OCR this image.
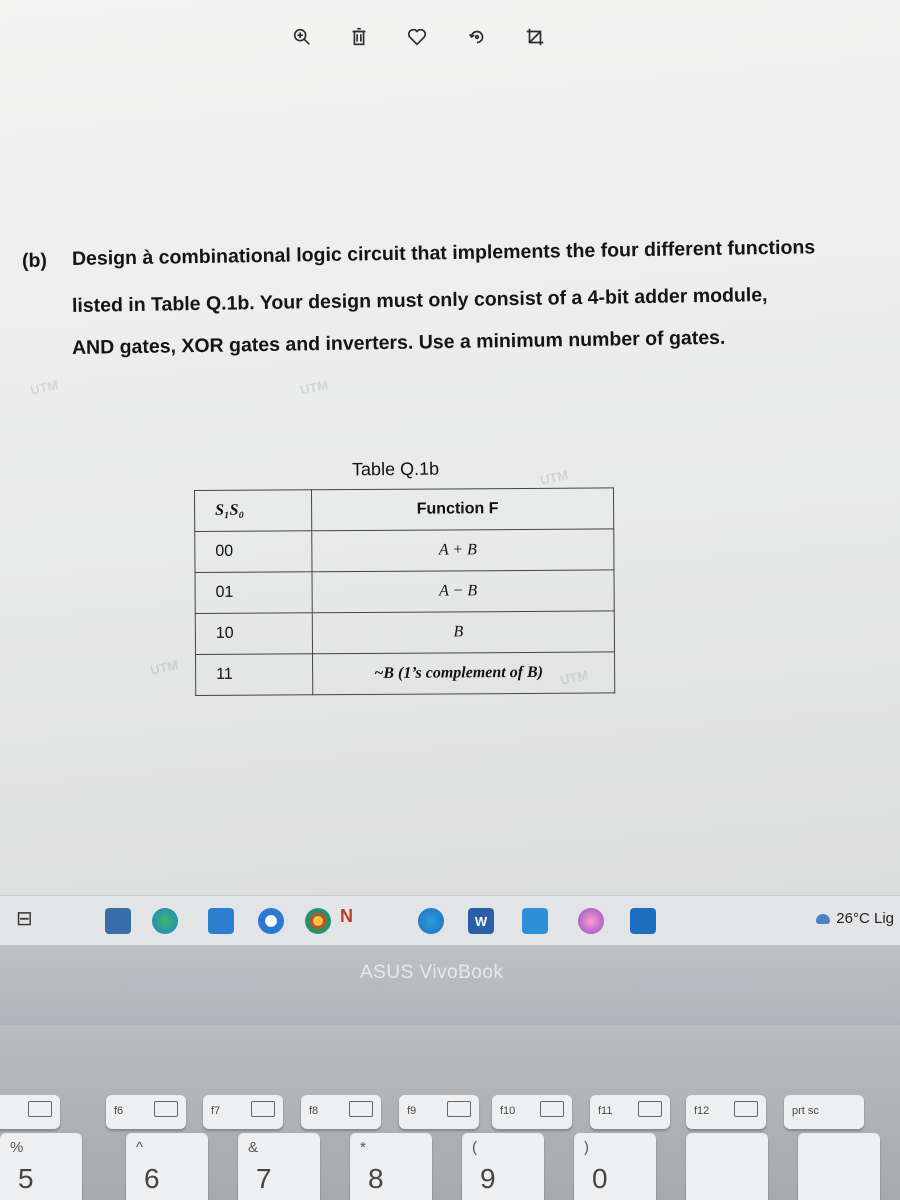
UTM	UTM
UTM
UTM	UTM
(b) Design à combinational logic circuit that implements the four different functions
listed in Table Q.1b. Your design must only consist of a 4-bit adder module,
AND gates, XOR gates and inverters. Use a minimum number of gates.
Table Q.1b
S₁S₀	Function F
00	A + B
01	A − B
10	B
11	~B (1’s complement of B)
⊟	N	W	26°C Lig
ASUS VivoBook
f6	f7	f8	f9	f10	f11	f12	prt sc
%
5
^
6
&
7
*
8
(
9
)
0
